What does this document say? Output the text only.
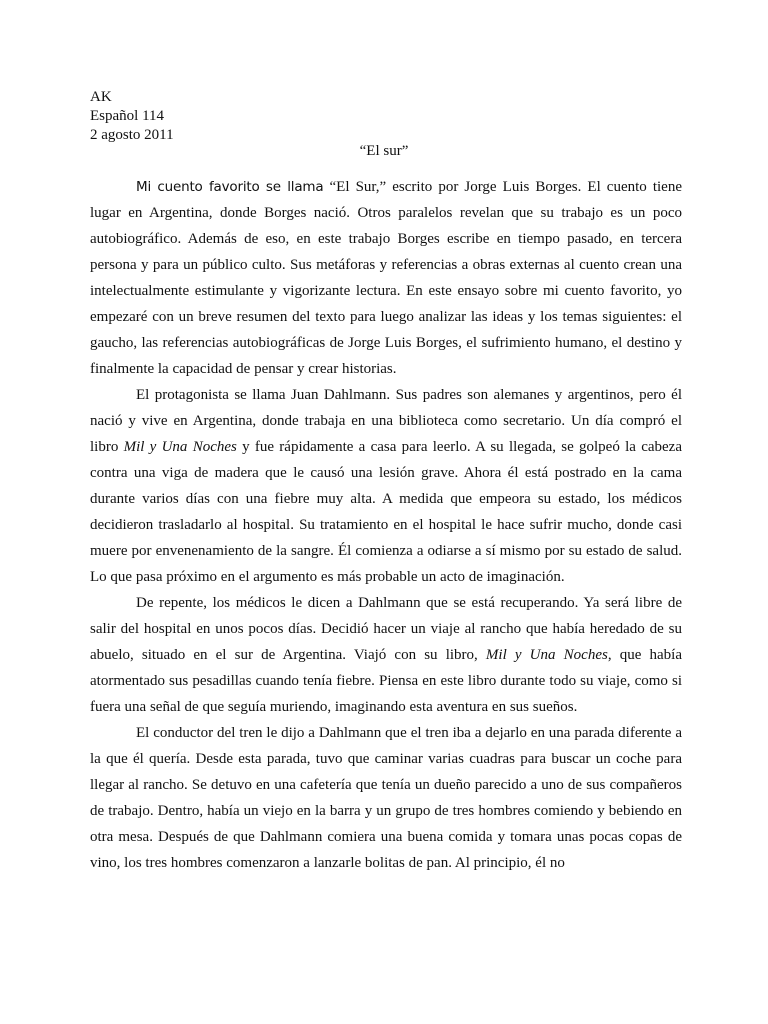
AK
Español 114
2 agosto 2011
“El sur”

Mi cuento favorito se llama “El Sur,” escrito por Jorge Luis Borges. El cuento tiene lugar en Argentina, donde Borges nació. Otros paralelos revelan que su trabajo es un poco autobiográfico. Además de eso, en este trabajo Borges escribe en tiempo pasado, en tercera persona y para un público culto. Sus metáforas y referencias a obras externas al cuento crean una intelectualmente estimulante y vigorizante lectura. En este ensayo sobre mi cuento favorito, yo empezaré con un breve resumen del texto para luego analizar las ideas y los temas siguientes: el gaucho, las referencias autobiográficas de Jorge Luis Borges, el sufrimiento humano, el destino y finalmente la capacidad de pensar y crear historias.

El protagonista se llama Juan Dahlmann. Sus padres son alemanes y argentinos, pero él nació y vive en Argentina, donde trabaja en una biblioteca como secretario. Un día compró el libro Mil y Una Noches y fue rápidamente a casa para leerlo. A su llegada, se golpeó la cabeza contra una viga de madera que le causó una lesión grave. Ahora él está postrado en la cama durante varios días con una fiebre muy alta. A medida que empeora su estado, los médicos decidieron trasladarlo al hospital. Su tratamiento en el hospital le hace sufrir mucho, donde casi muere por envenenamiento de la sangre. Él comienza a odiarse a sí mismo por su estado de salud. Lo que pasa próximo en el argumento es más probable un acto de imaginación.

De repente, los médicos le dicen a Dahlmann que se está recuperando. Ya será libre de salir del hospital en unos pocos días. Decidió hacer un viaje al rancho que había heredado de su abuelo, situado en el sur de Argentina. Viajó con su libro, Mil y Una Noches, que había atormentado sus pesadillas cuando tenía fiebre. Piensa en este libro durante todo su viaje, como si fuera una señal de que seguía muriendo, imaginando esta aventura en sus sueños.

El conductor del tren le dijo a Dahlmann que el tren iba a dejarlo en una parada diferente a la que él quería. Desde esta parada, tuvo que caminar varias cuadras para buscar un coche para llegar al rancho. Se detuvo en una cafetería que tenía un dueño parecido a uno de sus compañeros de trabajo. Dentro, había un viejo en la barra y un grupo de tres hombres comiendo y bebiendo en otra mesa. Después de que Dahlmann comiera una buena comida y tomara unas pocas copas de vino, los tres hombres comenzaron a lanzarle bolitas de pan. Al principio, él no
